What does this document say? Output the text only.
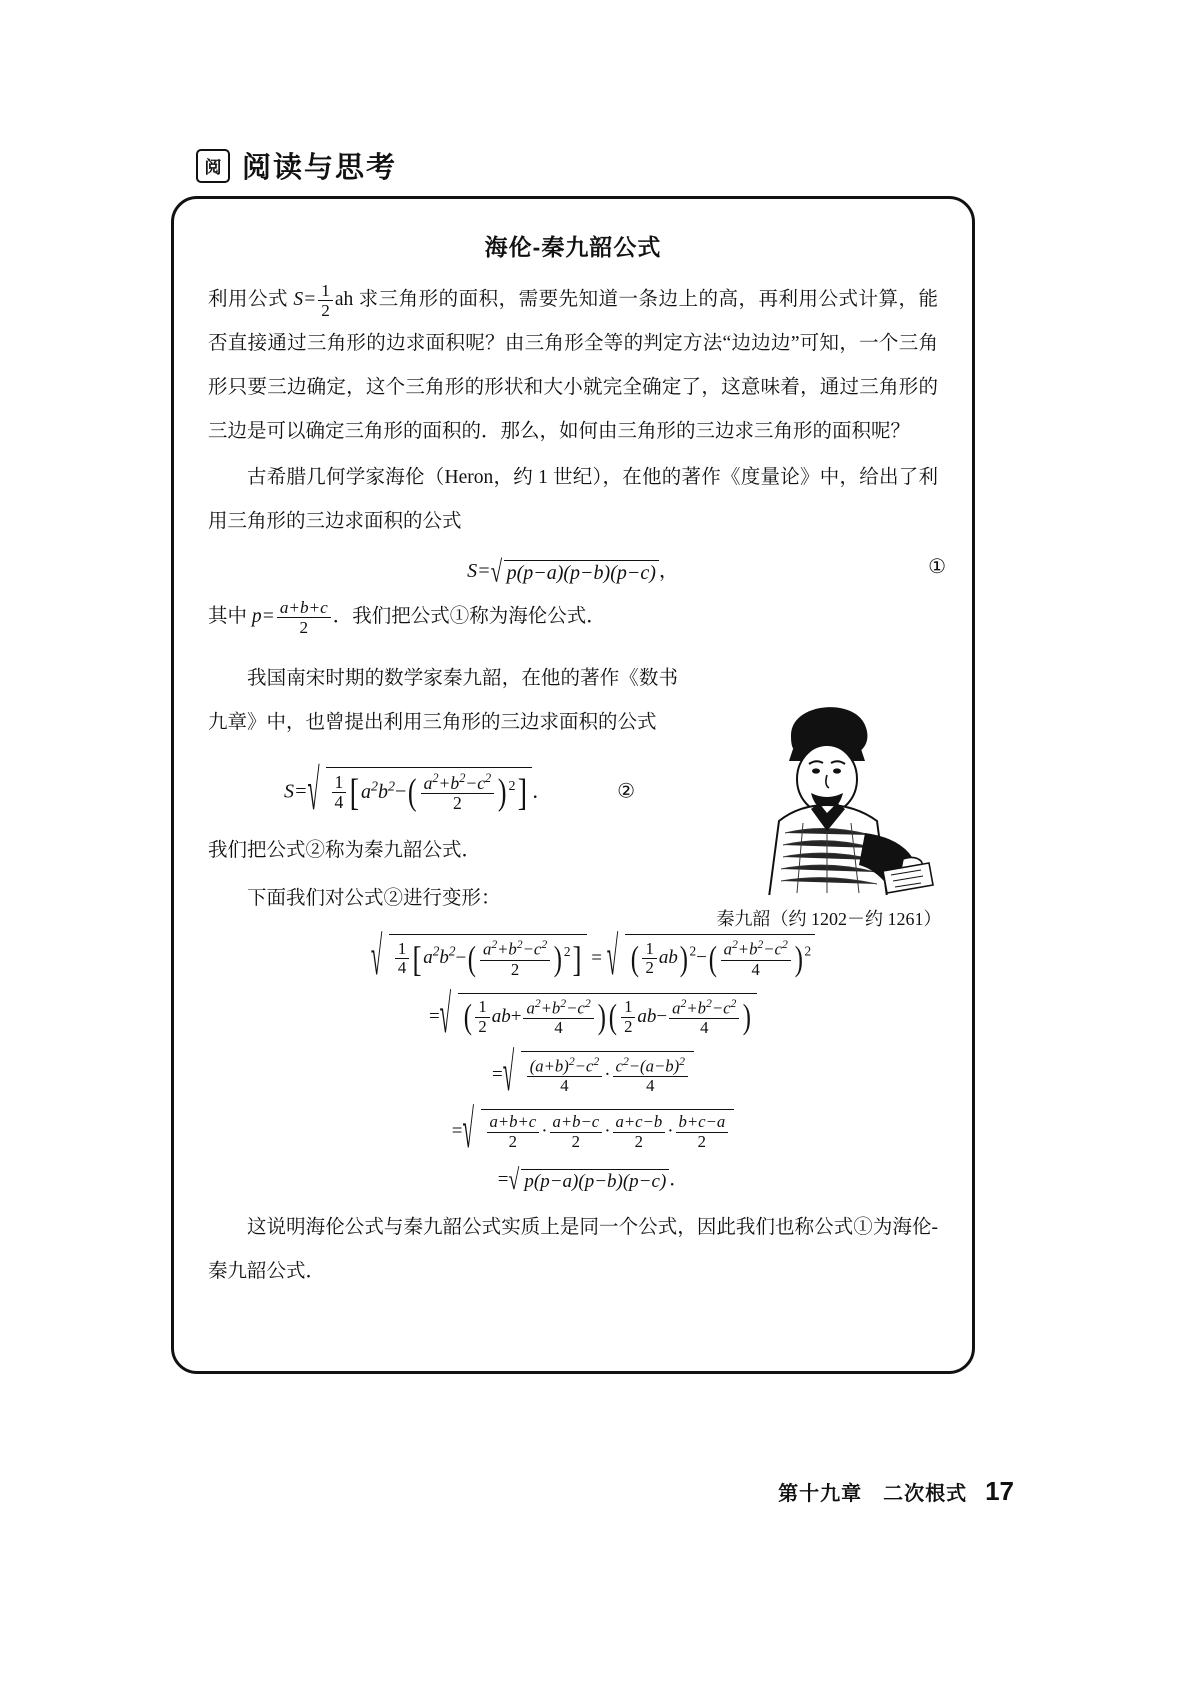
阅 阅读与思考
海伦-秦九韶公式
利用公式 $S= \frac{1}{2}$ ah 求三角形的面积，需要先知道一条边上的高，再利用公式计算，能否直接通过三角形的边求面积呢？由三角形全等的判定方法“边边边”可知，一个三角形只要三边确定，这个三角形的形状和大小就完全确定了，这意味着，通过三角形的三边是可以确定三角形的面积的．那么，如何由三角形的三边求三角形的面积呢？
古希腊几何学家海伦（Heron，约 1 世纪），在他的著作《度量论》中，给出了利用三角形的三边求面积的公式
S= √ p(p−a)(p−b)(p−c) ，	①
其中 $p= \frac{a+b+c}{2}$ ．我们把公式①称为海伦公式．
我国南宋时期的数学家秦九韶，在他的著作《数书九章》中，也曾提出利用三角形的三边求面积的公式
S= √ $\frac{1}{4} [a^2b^2-( \frac{a^2+b^2-c^2}{2}$ ) $^2$] ．	②
我们把公式②称为秦九韶公式．
下面我们对公式②进行变形：
√ $\frac{1}{4} [a^2b^2-( \frac{a^2+b^2-c^2}{2}$ ) $^2$] = √ ( $\frac{1}{2} ab$) $^2-( \frac{a^2+b^2-c^2}{4}$ ) $^2$
= √ ( $\frac{1}{2} ab+ \frac{a^2+b^2-c^2}{4}$ )( $\frac{1}{2} ab- \frac{a^2+b^2-c^2}{4}$ )
= √ $\frac{(a+b)^2-c^2}{4} \cdot \frac{c^2-(a-b)^2}{4}$
= √ $\frac{a+b+c}{2} \cdot \frac{a+b-c}{2} \cdot \frac{a+c-b}{2} \cdot \frac{b+c-a}{2}$
= √ p(p−a)(p−b)(p−c) ．
这说明海伦公式与秦九韶公式实质上是同一个公式，因此我们也称公式①为海伦-秦九韶公式．
秦九韶（约 1202－约 1261）
第十九章　二次根式 17
